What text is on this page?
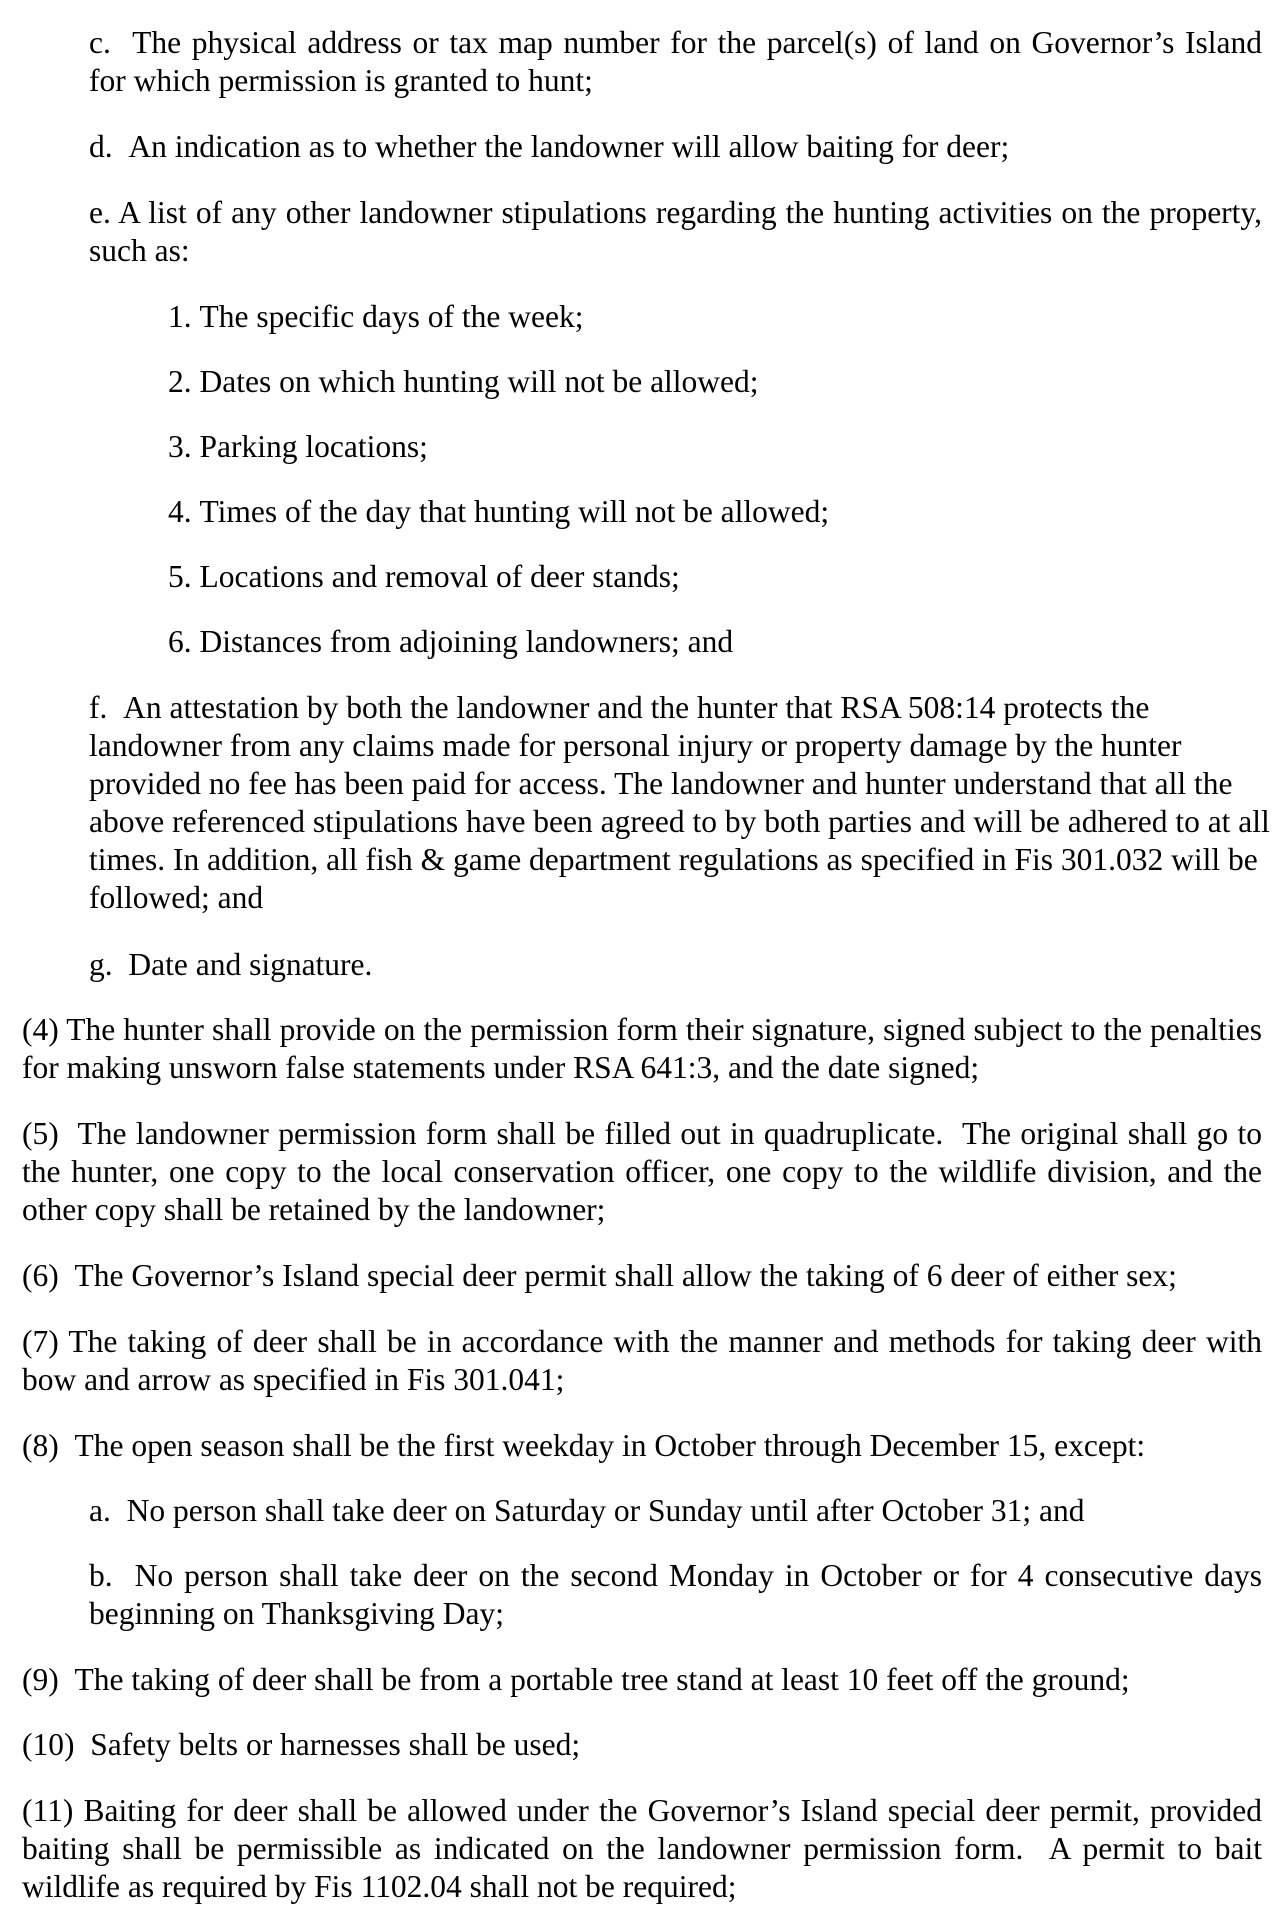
c.  The physical address or tax map number for the parcel(s) of land on Governor’s Island for which permission is granted to hunt;

d.  An indication as to whether the landowner will allow baiting for deer;

e. A list of any other landowner stipulations regarding the hunting activities on the property, such as:

1.
The specific days of the week;
2.
Dates on which hunting will not be allowed;
3.
Parking locations;
4.
Times of the day that hunting will not be allowed;
5.
Locations and removal of deer stands;
6.
Distances from adjoining landowners; and

f.  An attestation by both the landowner and the hunter that RSA 508:14 protects the landowner from any claims made for personal injury or property damage by the hunter provided no fee has been paid for access. The landowner and hunter understand that all the above referenced stipulations have been agreed to by both parties and will be adhered to at all times. In addition, all fish & game department regulations as specified in Fis 301.032 will be followed; and

g.  Date and signature.

(4) The hunter shall provide on the permission form their signature, signed subject to the penalties for making unsworn false statements under RSA 641:3, and the date signed;

(5)  The landowner permission form shall be filled out in quadruplicate.  The original shall go to the hunter, one copy to the local conservation officer, one copy to the wildlife division, and the other copy shall be retained by the landowner;

(6)  The Governor’s Island special deer permit shall allow the taking of 6 deer of either sex;

(7) The taking of deer shall be in accordance with the manner and methods for taking deer with bow and arrow as specified in Fis 301.041;

(8)  The open season shall be the first weekday in October through December 15, except:

a.  No person shall take deer on Saturday or Sunday until after October 31; and

b.  No person shall take deer on the second Monday in October or for 4 consecutive days beginning on Thanksgiving Day;

(9)  The taking of deer shall be from a portable tree stand at least 10 feet off the ground;

(10)  Safety belts or harnesses shall be used;

(11) Baiting for deer shall be allowed under the Governor’s Island special deer permit, provided baiting shall be permissible as indicated on the landowner permission form.  A permit to bait wildlife as required by Fis 1102.04 shall not be required;
